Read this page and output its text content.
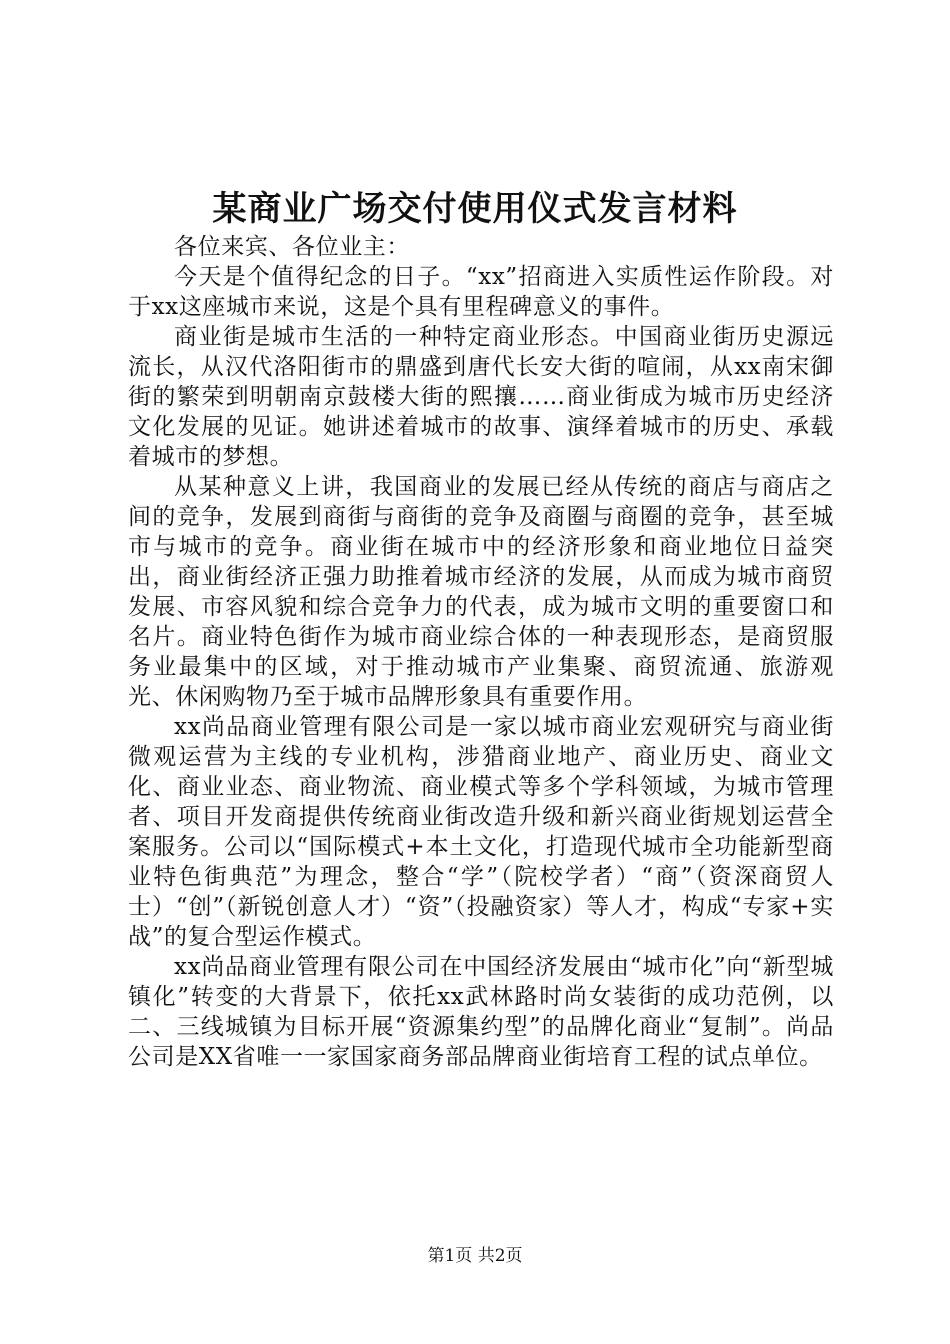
某商业广场交付使用仪式发言材料

各位来宾、各位业主：

今天是个值得纪念的日子。“xx”招商进入实质性运作阶段。对于xx这座城市来说，这是个具有里程碑意义的事件。

商业街是城市生活的一种特定商业形态。中国商业街历史源远流长，从汉代洛阳街市的鼎盛到唐代长安大街的喧闹，从xx南宋御街的繁荣到明朝南京鼓楼大街的熙攘……商业街成为城市历史经济文化发展的见证。她讲述着城市的故事、演绎着城市的历史、承载着城市的梦想。

从某种意义上讲，我国商业的发展已经从传统的商店与商店之间的竞争，发展到商街与商街的竞争及商圈与商圈的竞争，甚至城市与城市的竞争。商业街在城市中的经济形象和商业地位日益突出，商业街经济正强力助推着城市经济的发展，从而成为城市商贸发展、市容风貌和综合竞争力的代表，成为城市文明的重要窗口和名片。商业特色街作为城市商业综合体的一种表现形态，是商贸服务业最集中的区域，对于推动城市产业集聚、商贸流通、旅游观光、休闲购物乃至于城市品牌形象具有重要作用。

xx尚品商业管理有限公司是一家以城市商业宏观研究与商业街微观运营为主线的专业机构，涉猎商业地产、商业历史、商业文化、商业业态、商业物流、商业模式等多个学科领域，为城市管理者、项目开发商提供传统商业街改造升级和新兴商业街规划运营全案服务。公司以“国际模式+本土文化，打造现代城市全功能新型商业特色街典范”为理念，整合“学”（院校学者）“商”（资深商贸人士）“创”（新锐创意人才）“资”（投融资家）等人才，构成“专家+实战”的复合型运作模式。

xx尚品商业管理有限公司在中国经济发展由“城市化”向“新型城镇化”转变的大背景下，依托xx武林路时尚女装街的成功范例，以二、三线城镇为目标开展“资源集约型”的品牌化商业“复制”。尚品公司是XX省唯一一家国家商务部品牌商业街培育工程的试点单位。

第1页 共2页
